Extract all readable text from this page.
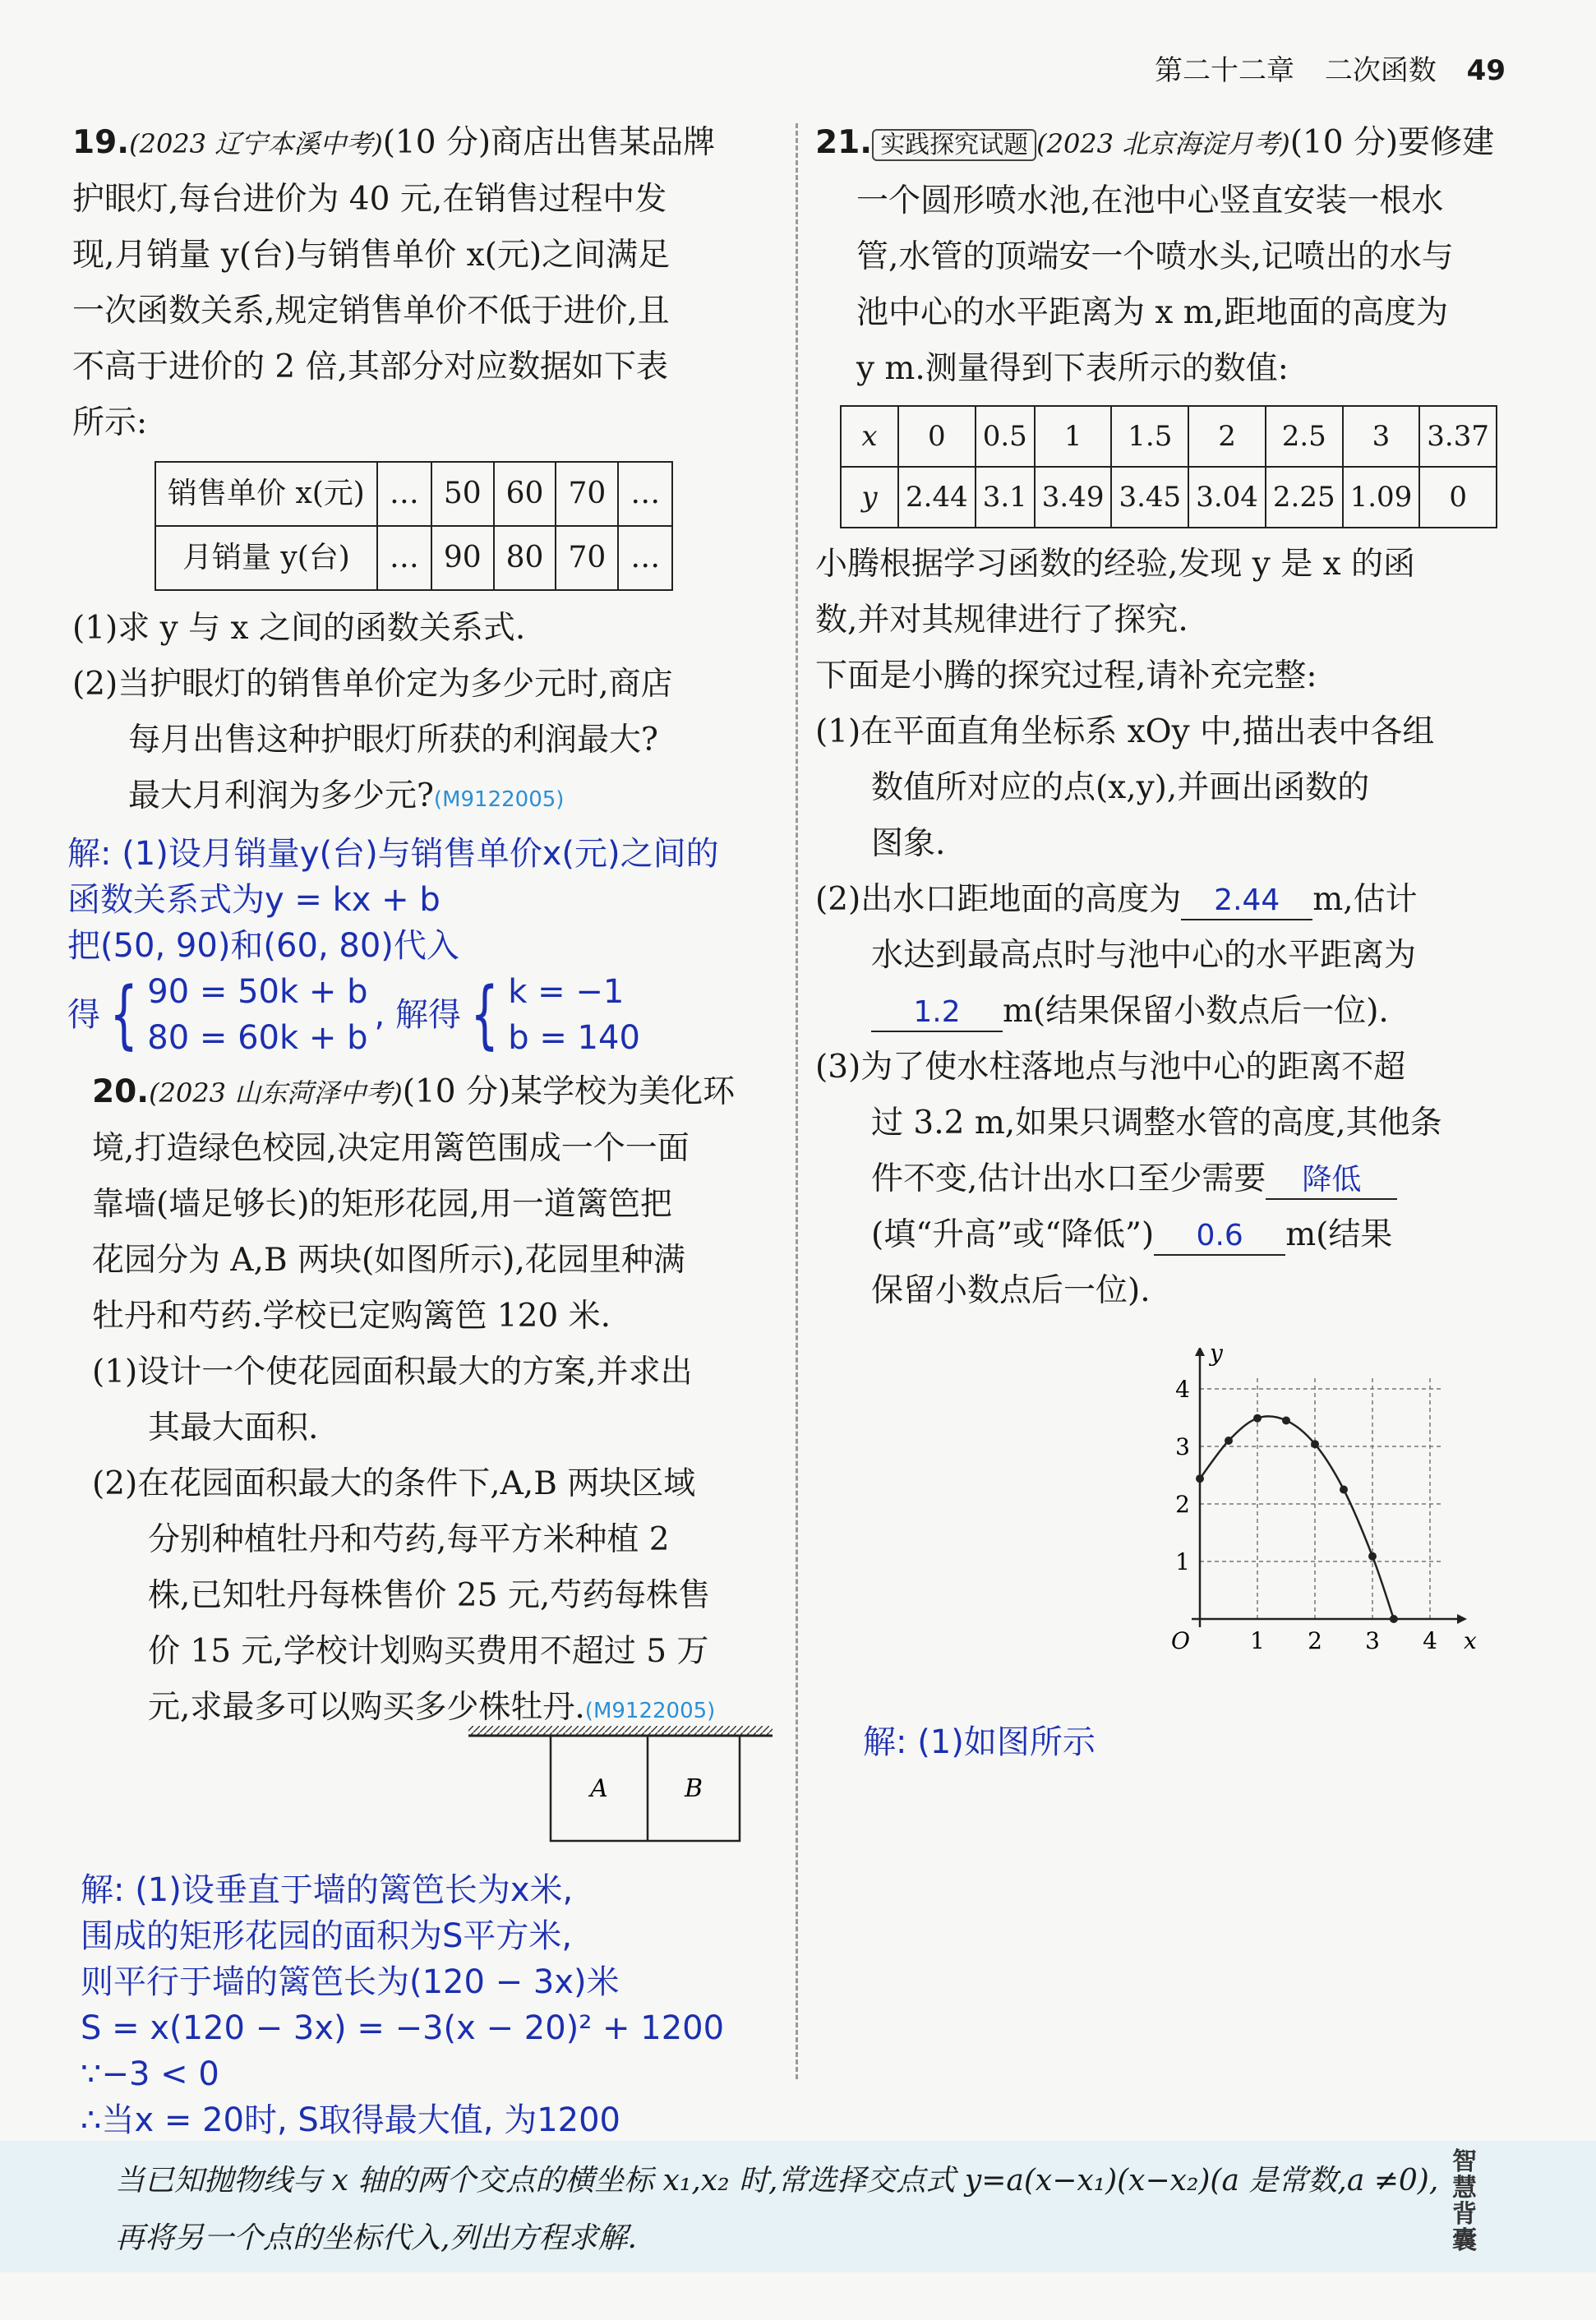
第二十二章 二次函数 49
19.(2023 辽宁本溪中考)(10 分)商店出售某品牌
护眼灯,每台进价为 40 元,在销售过程中发
现,月销量 y(台)与销售单价 x(元)之间满足
一次函数关系,规定销售单价不低于进价,且
不高于进价的 2 倍,其部分对应数据如下表
所示:
销售单价 x(元)	…	50	60	70	…
月销量 y(台)	…	90	80	70	…
(1)求 y 与 x 之间的函数关系式.
(2)当护眼灯的销售单价定为多少元时,商店
每月出售这种护眼灯所获的利润最大?
最大月利润为多少元?(M9122005)
解: (1)设月销量y(台)与销售单价x(元)之间的
函数关系式为y = kx + b
把(50, 90)和(60, 80)代入
得 { 90 = 50k + b
80 = 60k + b, 解得 { k = −1
b = 140
20.(2023 山东菏泽中考)(10 分)某学校为美化环
境,打造绿色校园,决定用篱笆围成一个一面
靠墙(墙足够长)的矩形花园,用一道篱笆把
花园分为 A,B 两块(如图所示),花园里种满
牡丹和芍药.学校已定购篱笆 120 米.
(1)设计一个使花园面积最大的方案,并求出
其最大面积.
(2)在花园面积最大的条件下,A,B 两块区域
分别种植牡丹和芍药,每平方米种植 2
株,已知牡丹每株售价 25 元,芍药每株售
价 15 元,学校计划购买费用不超过 5 万
元,求最多可以购买多少株牡丹.(M9122005)
A	B
解: (1)设垂直于墙的篱笆长为x米,
围成的矩形花园的面积为S平方米,
则平行于墙的篱笆长为(120 − 3x)米
S = x(120 − 3x) = −3(x − 20)² + 1200
∵−3 < 0
∴当x = 20时, S取得最大值, 为1200
21. 实践探究试题 (2023 北京海淀月考)(10 分)要修建
一个圆形喷水池,在池中心竖直安装一根水
管,水管的顶端安一个喷水头,记喷出的水与
池中心的水平距离为 x m,距地面的高度为
y m.测量得到下表所示的数值:
x	0	0.5	1	1.5	2	2.5	3	3.37
y	2.44	3.1	3.49	3.45	3.04	2.25	1.09	0
小腾根据学习函数的经验,发现 y 是 x 的函
数,并对其规律进行了探究.
下面是小腾的探究过程,请补充完整:
(1)在平面直角坐标系 xOy 中,描出表中各组
数值所对应的点(x,y),并画出函数的
图象.
(2)出水口距地面的高度为 2.44 m,估计
水达到最高点时与池中心的水平距离为
1.2 m(结果保留小数点后一位).
(3)为了使水柱落地点与池中心的距离不超
过 3.2 m,如果只调整水管的高度,其他条
件不变,估计出水口至少需要 降低
(填“升高”或“降低”) 0.6 m(结果
保留小数点后一位).
1 2 3 4
1
2
3
4
O	x
y
解: (1)如图所示
当已知抛物线与 x 轴的两个交点的横坐标 x₁,x₂ 时,常选择交点式 y=a(x−x₁)(x−x₂)(a 是常数,a ≠0),再将另一个点的坐标代入,列出方程求解.
智慧背囊
